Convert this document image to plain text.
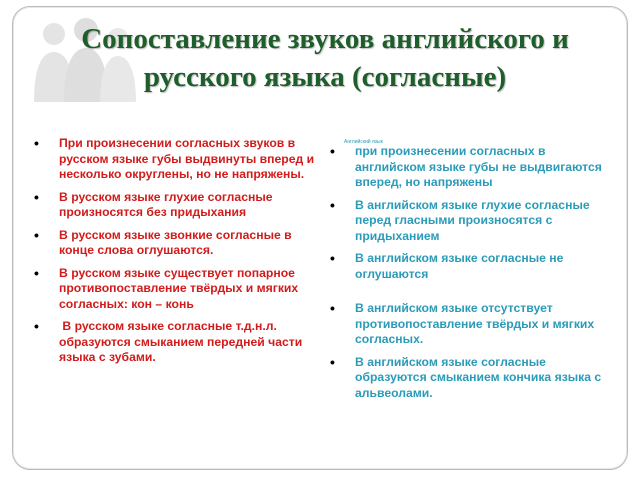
Сопоставление звуков английского и русского языка (согласные)
Английский язык
• При произнесении согласных звуков в русском языке губы выдвинуты вперед и несколько округлены, но не напряжены.
• В русском языке глухие согласные произносятся без придыхания
• В русском языке звонкие согласные в конце слова оглушаются.
• В русском языке существует попарное противопоставление твёрдых и мягких согласных: кон – конь
• В русском языке согласные т.д.н.л. образуются смыканием передней части языка с зубами.
• при произнесении согласных в английском языке губы не выдвигаются вперед, но напряжены
• В английском языке глухие согласные перед гласными произносятся с придыханием
• В английском языке согласные не оглушаются
• В английском языке отсутствует противопоставление твёрдых и мягких согласных.
• В английском языке согласные образуются смыканием кончика языка с альвеолами.
